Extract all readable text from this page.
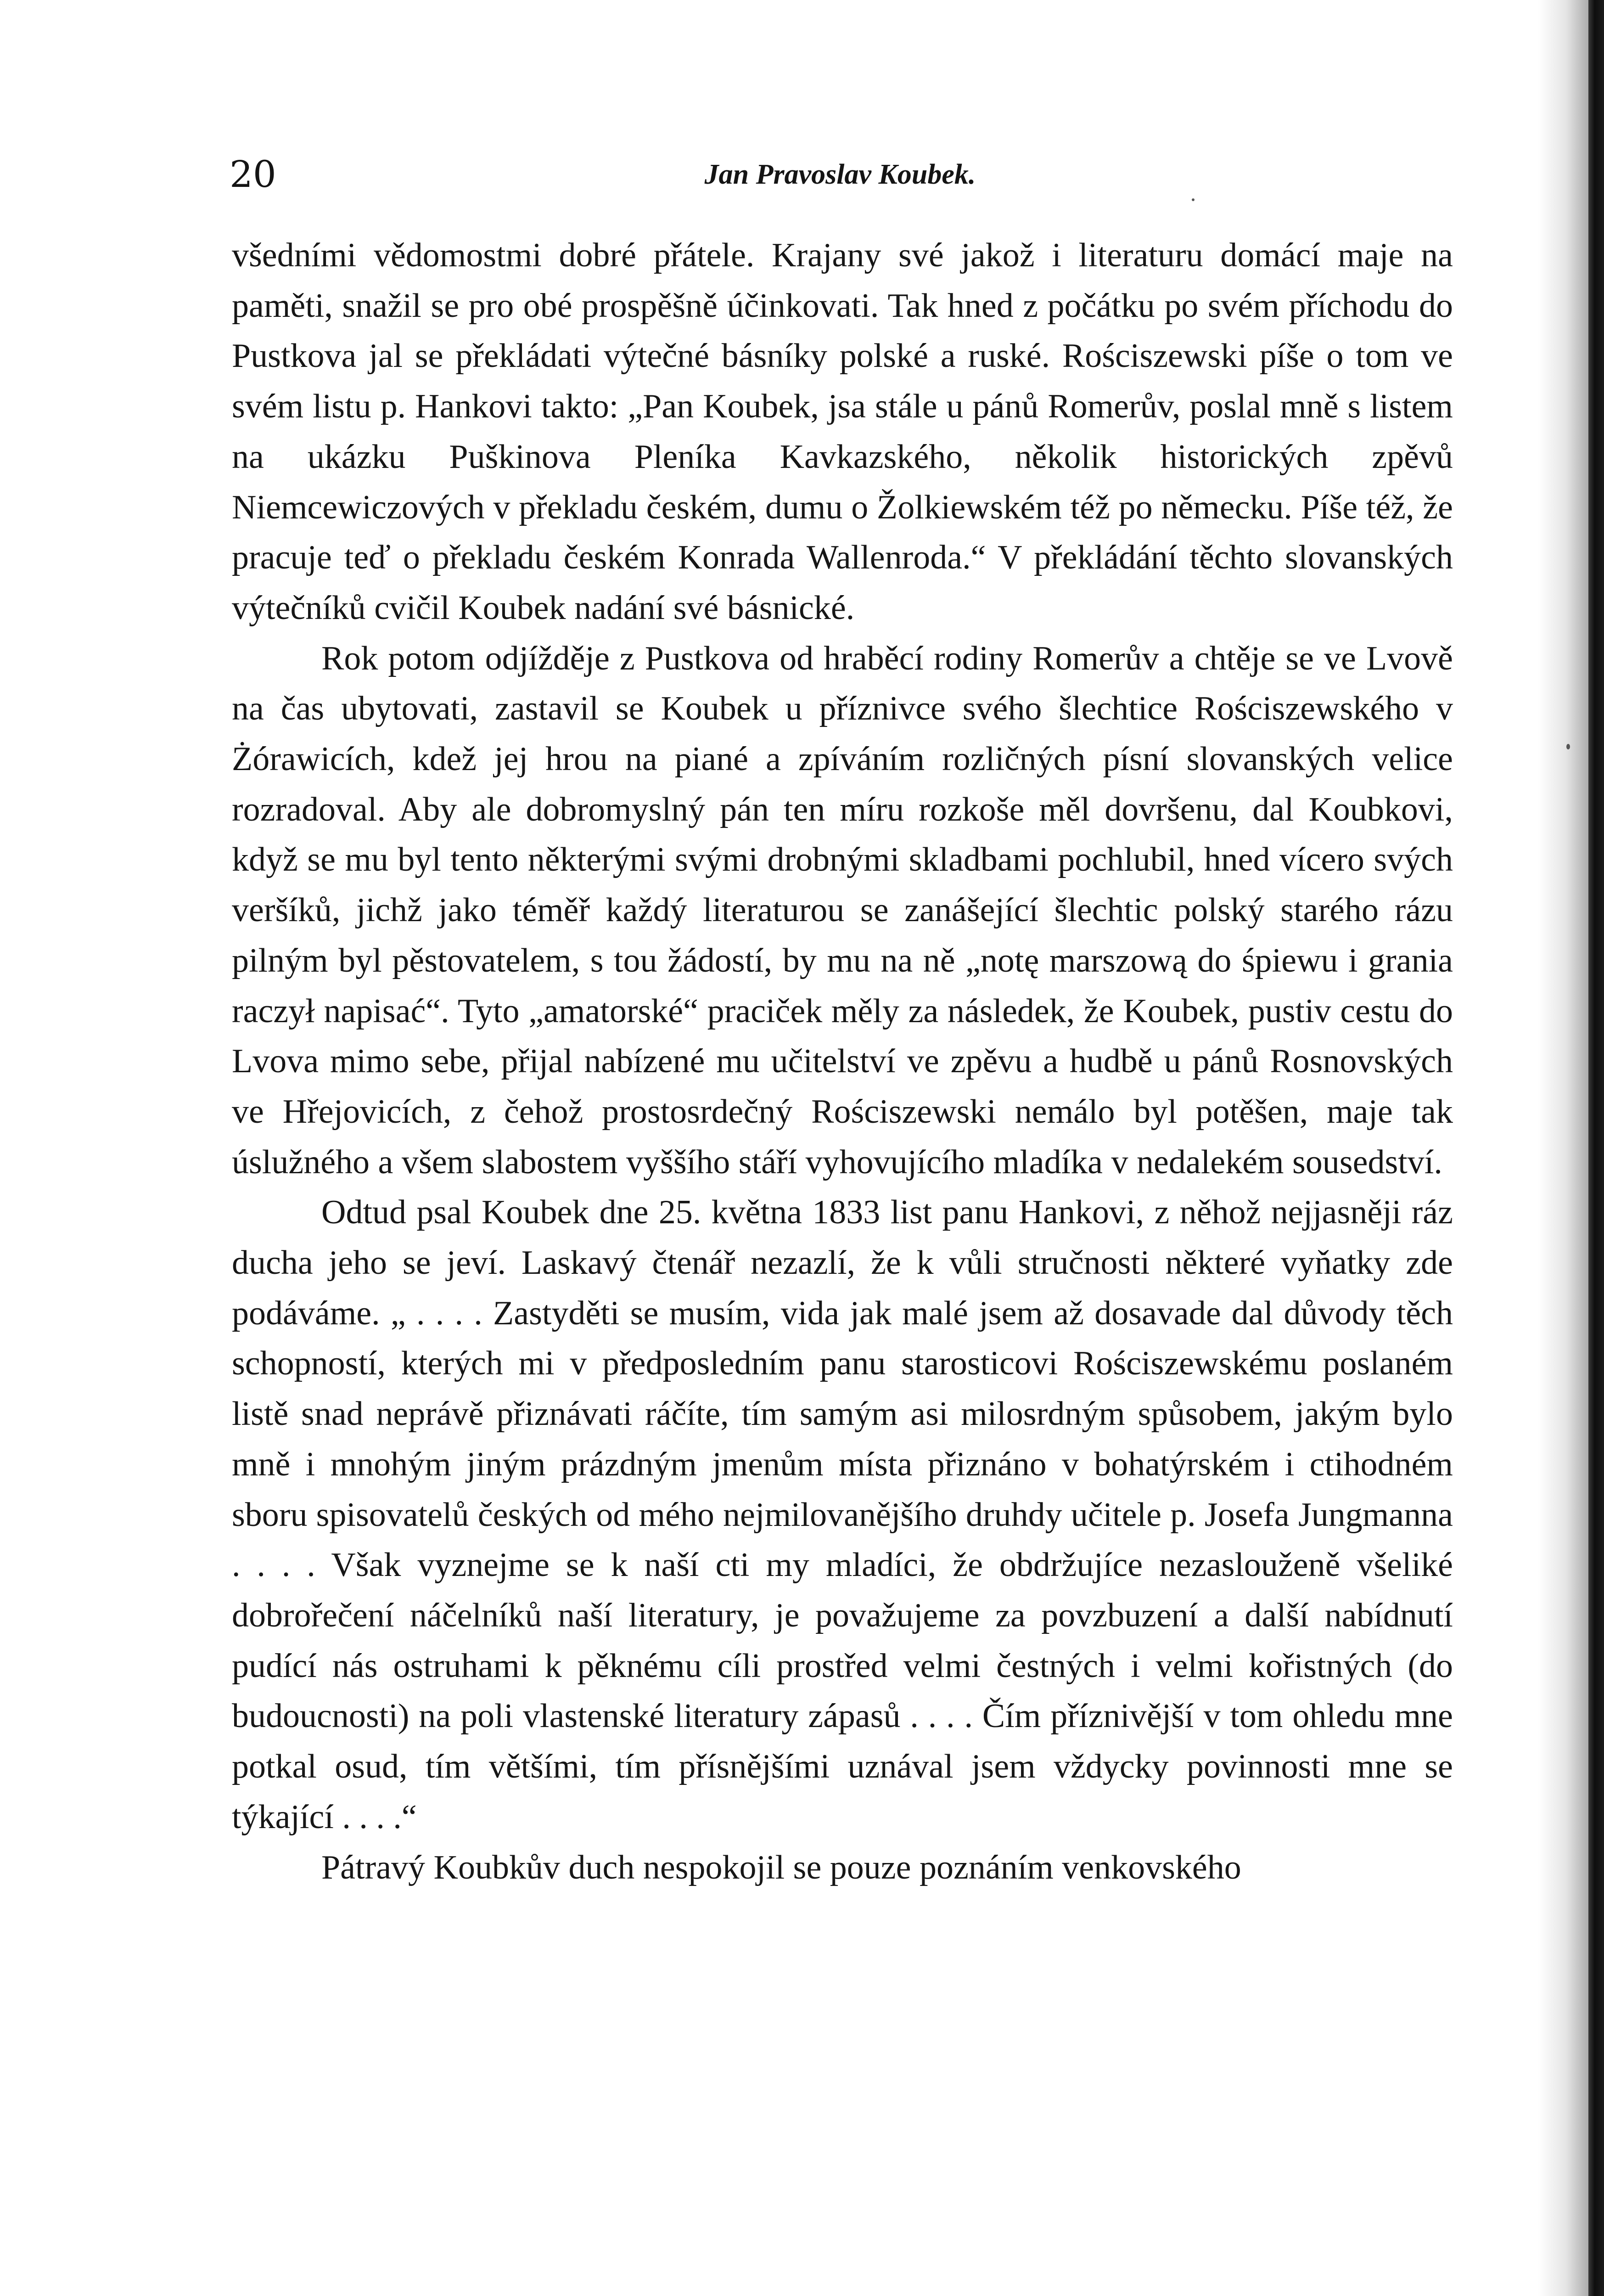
20	Jan Pravoslav Koubek.

všedními vědomostmi dobré přátele. Krajany své jakož i literaturu domácí maje na paměti, snažil se pro obé prospěšně účinkovati. Tak hned z počátku po svém příchodu do Pustkova jal se překládati výtečné básníky polské a ruské. Rościszewski píše o tom ve svém listu p. Hankovi takto: „Pan Koubek, jsa stále u pánů Romerův, poslal mně s listem na ukázku Puškinova Pleníka Kavkazského, několik historických zpěvů Niemcewiczových v překladu českém, dumu o Žolkiewském též po německu. Píše též, že pracuje teď o překladu českém Konrada Wallenroda.“ V překládání těchto slovanských výtečníků cvičil Koubek nadání své básnické.

Rok potom odjížděje z Pustkova od hraběcí rodiny Romerův a chtěje se ve Lvově na čas ubytovati, zastavil se Koubek u příznivce svého šlechtice Rościszewského v Żórawicích, kdež jej hrou na piané a zpíváním rozličných písní slovanských velice rozradoval. Aby ale dobromyslný pán ten míru rozkoše měl dovršenu, dal Koubkovi, když se mu byl tento některými svými drobnými skladbami pochlubil, hned vícero svých veršíků, jichž jako téměř každý literaturou se zanášející šlechtic polský starého rázu pilným byl pěstovatelem, s tou žádostí, by mu na ně „notę marszową do śpiewu i grania raczył napisać“. Tyto „amatorské“ praciček měly za následek, že Koubek, pustiv cestu do Lvova mimo sebe, přijal nabízené mu učitelství ve zpěvu a hudbě u pánů Rosnovských ve Hřejovicích, z čehož prostosrdečný Rościszewski nemálo byl potěšen, maje tak úslužného a všem slabostem vyššího stáří vyhovujícího mladíka v nedalekém sousedství.

Odtud psal Koubek dne 25. května 1833 list panu Hankovi, z něhož nejjasněji ráz ducha jeho se jeví. Laskavý čtenář nezazlí, že k vůli stručnosti některé vyňatky zde podáváme. „ . . . . Zastyděti se musím, vida jak malé jsem až dosavade dal důvody těch schopností, kterých mi v předposledním panu starosticovi Rościszewskému poslaném listě snad neprávě přiznávati ráčíte, tím samým asi milosrdným spůsobem, jakým bylo mně i mnohým jiným prázdným jmenům místa přiznáno v bohatýrském i ctihodném sboru spisovatelů českých od mého nejmilovanějšího druhdy učitele p. Josefa Jungmanna . . . . Však vyznejme se k naší cti my mladíci, že obdržujíce nezaslouženě všeliké dobrořečení náčelníků naší literatury, je považujeme za povzbuzení a další nabídnutí pudící nás ostruhami k pěknému cíli prostřed velmi čestných i velmi kořistných (do budoucnosti) na poli vlastenské literatury zápasů . . . . Čím příznivější v tom ohledu mne potkal osud, tím většími, tím přísnějšími uznával jsem vždycky povinnosti mne se týkající . . . .“

Pátravý Koubkův duch nespokojil se pouze poznáním venkovského
